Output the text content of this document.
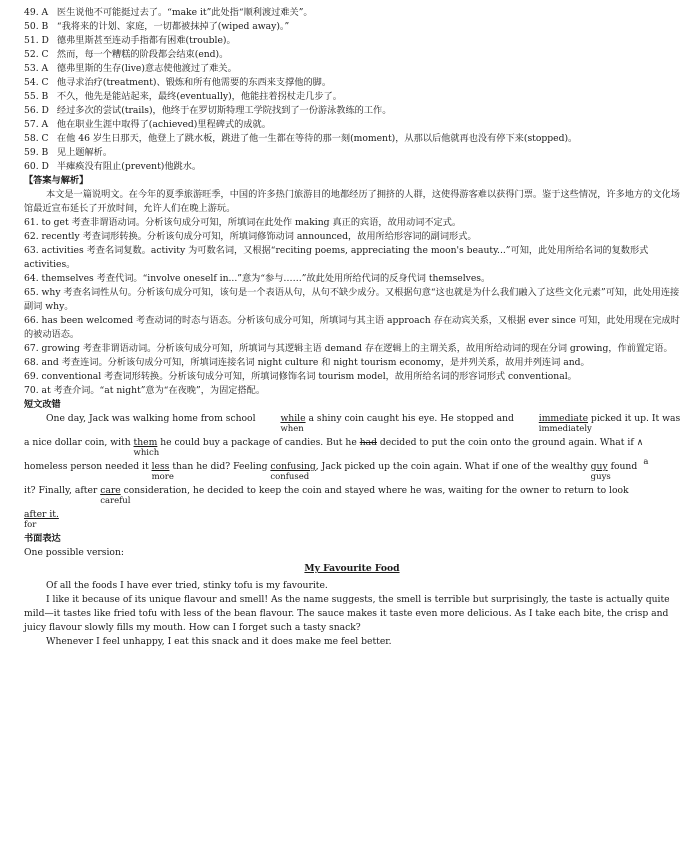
49. A 医生说他不可能挺过去了。“make it”此处指“顺利渡过难关”。
50. B “我将来的计划、家庭，一切都被抹掉了(wiped away)。”
51. D 德弗里斯甚至连动手指都有困难(trouble)。
52. C 然而，每一个糟糕的阶段都会结束(end)。
53. A 德弗里斯的生存(live)意志使他渡过了难关。
54. C 他寻求治疗(treatment)、锻炼和所有他需要的东西来支撑他的脚。
55. B 不久，他先是能站起来，最终(eventually)，他能拄着拐杖走几步了。
56. D 经过多次的尝试(trails)，他终于在罗切斯特理工学院找到了一份游泳教练的工作。
57. A 他在职业生涯中取得了(achieved)里程碑式的成就。
58. C 在他 46 岁生日那天，他登上了跳水板，跳进了他一生都在等待的那一刻(moment)，从那以后他就再也没有停下来(stopped)。
59. B 见上题解析。
60. D 半瘫痪没有阻止(prevent)他跳水。
【答案与解析】
本文是一篇说明文。在今年的夏季旅游旺季，中国的许多热门旅游目的地都经历了拥挤的人群，这使得游客难以获得门票。鉴于这些情况，许多地方的文化场馆最近宣布延长了开放时间，允许人们在晚上游玩。
61. to get 考查非谓语动词。分析该句成分可知，所填词在此处作 making 真正的宾语，故用动词不定式。
62. recently 考查词形转换。分析该句成分可知，所填词修饰动词 announced，故用所给形容词的副词形式。
63. activities 考查名词复数。activity 为可数名词，又根据“reciting poems, appreciating the moon's beauty...”可知，此处用所给名词的复数形式 activities。
64. themselves 考查代词。“involve oneself in...”意为“参与……”故此处用所给代词的反身代词 themselves。
65. why 考查名词性从句。分析该句成分可知，该句是一个表语从句，从句不缺少成分。又根据句意“这也就是为什么我们融入了这些文化元素”可知，此处用连接副词 why。
66. has been welcomed 考查动词的时态与语态。分析该句成分可知，所填词与其主语 approach 存在动宾关系，又根据 ever since 可知，此处用现在完成时的被动语态。
67. growing 考查非谓语动词。分析该句成分可知，所填词与其逻辑主语 demand 存在逻辑上的主谓关系，故用所给动词的现在分词 growing，作前置定语。
68. and 考查连词。分析该句成分可知，所填词连接名词 night culture 和 night tourism economy，是并列关系，故用并列连词 and。
69. conventional 考查词形转换。分析该句成分可知，所填词修饰名词 tourism model，故用所给名词的形容词形式 conventional。
70. at 考查介词。“at night”意为“在夜晚”，为固定搭配。
短文改错
One day, Jack was walking home from school while
when
a shiny coin caught his eye. He stopped and immediate
immediately
picked it up. It was
a nice dollar coin, with them
which
he could buy a package of candies. But he had decided to put the coin onto the ground again. What if ∧
a
homeless person needed it less
more
than he did? Feeling confusing
confused
, Jack picked up the coin again. What if one of the wealthy guy
guys
found
it? Finally, after care
careful
consideration, he decided to keep the coin and stayed where he was, waiting for the owner to return to look
after it.
for
书面表达
One possible version:
My Favourite Food
Of all the foods I have ever tried, stinky tofu is my favourite.
I like it because of its unique flavour and smell! As the name suggests, the smell is terrible but surprisingly, the taste is actually quite mild—it tastes like fried tofu with less of the bean flavour. The sauce makes it taste even more delicious. As I take each bite, the crisp and juicy flavour slowly fills my mouth. How can I forget such a tasty snack?
Whenever I feel unhappy, I eat this snack and it does make me feel better.
